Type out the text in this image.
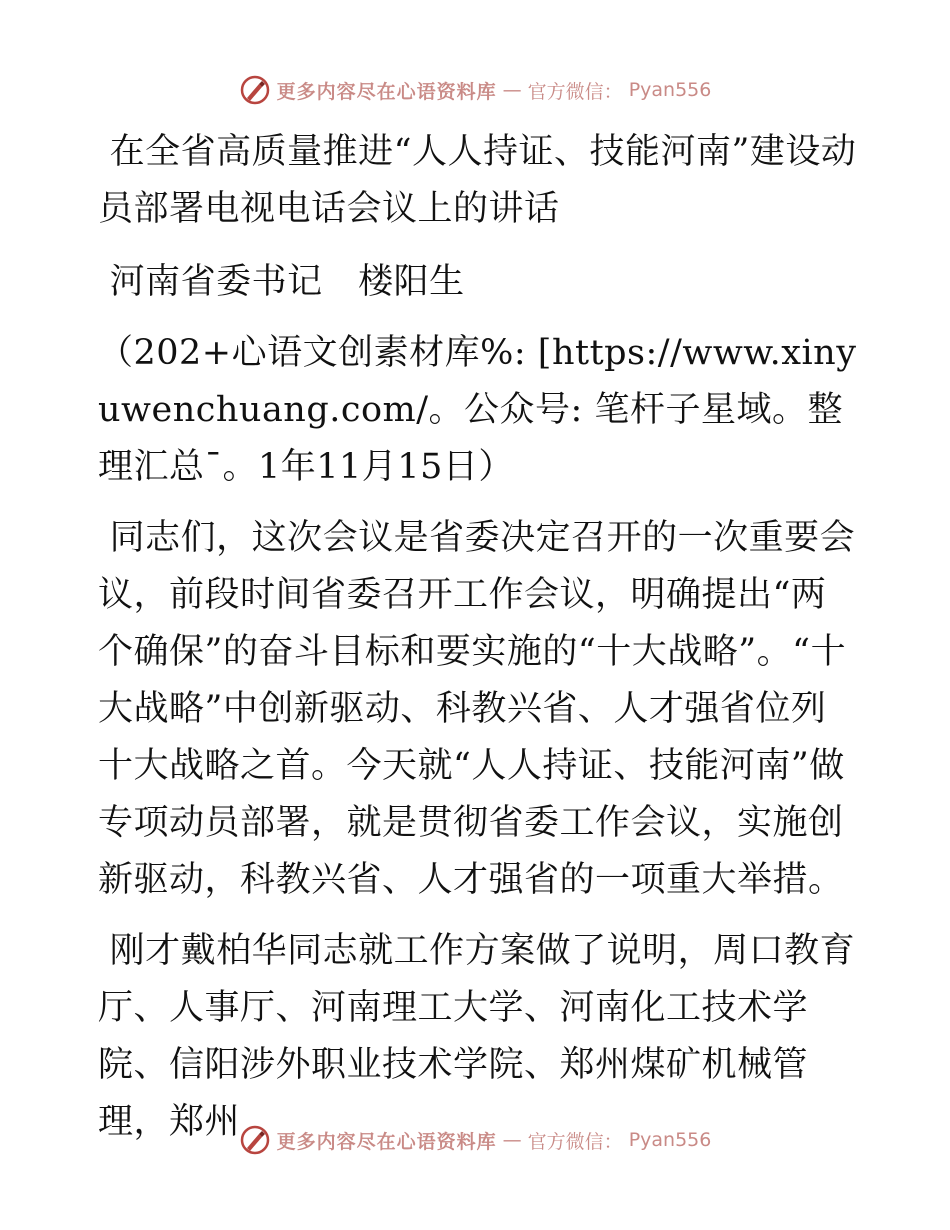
更多内容尽在心语资料库 — 官方微信： Pyan556
在全省高质量推进“人人持证、技能河南”建设动员部署电视电话会议上的讲话
河南省委书记　楼阳生
（202+心语文创素材库%: [https://www.xinyuwenchuang.com/。公众号: 笔杆子星域。整理汇总¯。1年11月15日）
同志们，这次会议是省委决定召开的一次重要会议，前段时间省委召开工作会议，明确提出“两个确保”的奋斗目标和要实施的“十大战略”。“十大战略”中创新驱动、科教兴省、人才强省位列十大战略之首。今天就“人人持证、技能河南”做专项动员部署，就是贯彻省委工作会议，实施创新驱动，科教兴省、人才强省的一项重大举措。
刚才戴柏华同志就工作方案做了说明，周口教育厅、人事厅、河南理工大学、河南化工技术学院、信阳涉外职业技术学院、郑州煤矿机械管理，郑州	更多内容尽在心语资料库 — 官方微信： Pyan556
